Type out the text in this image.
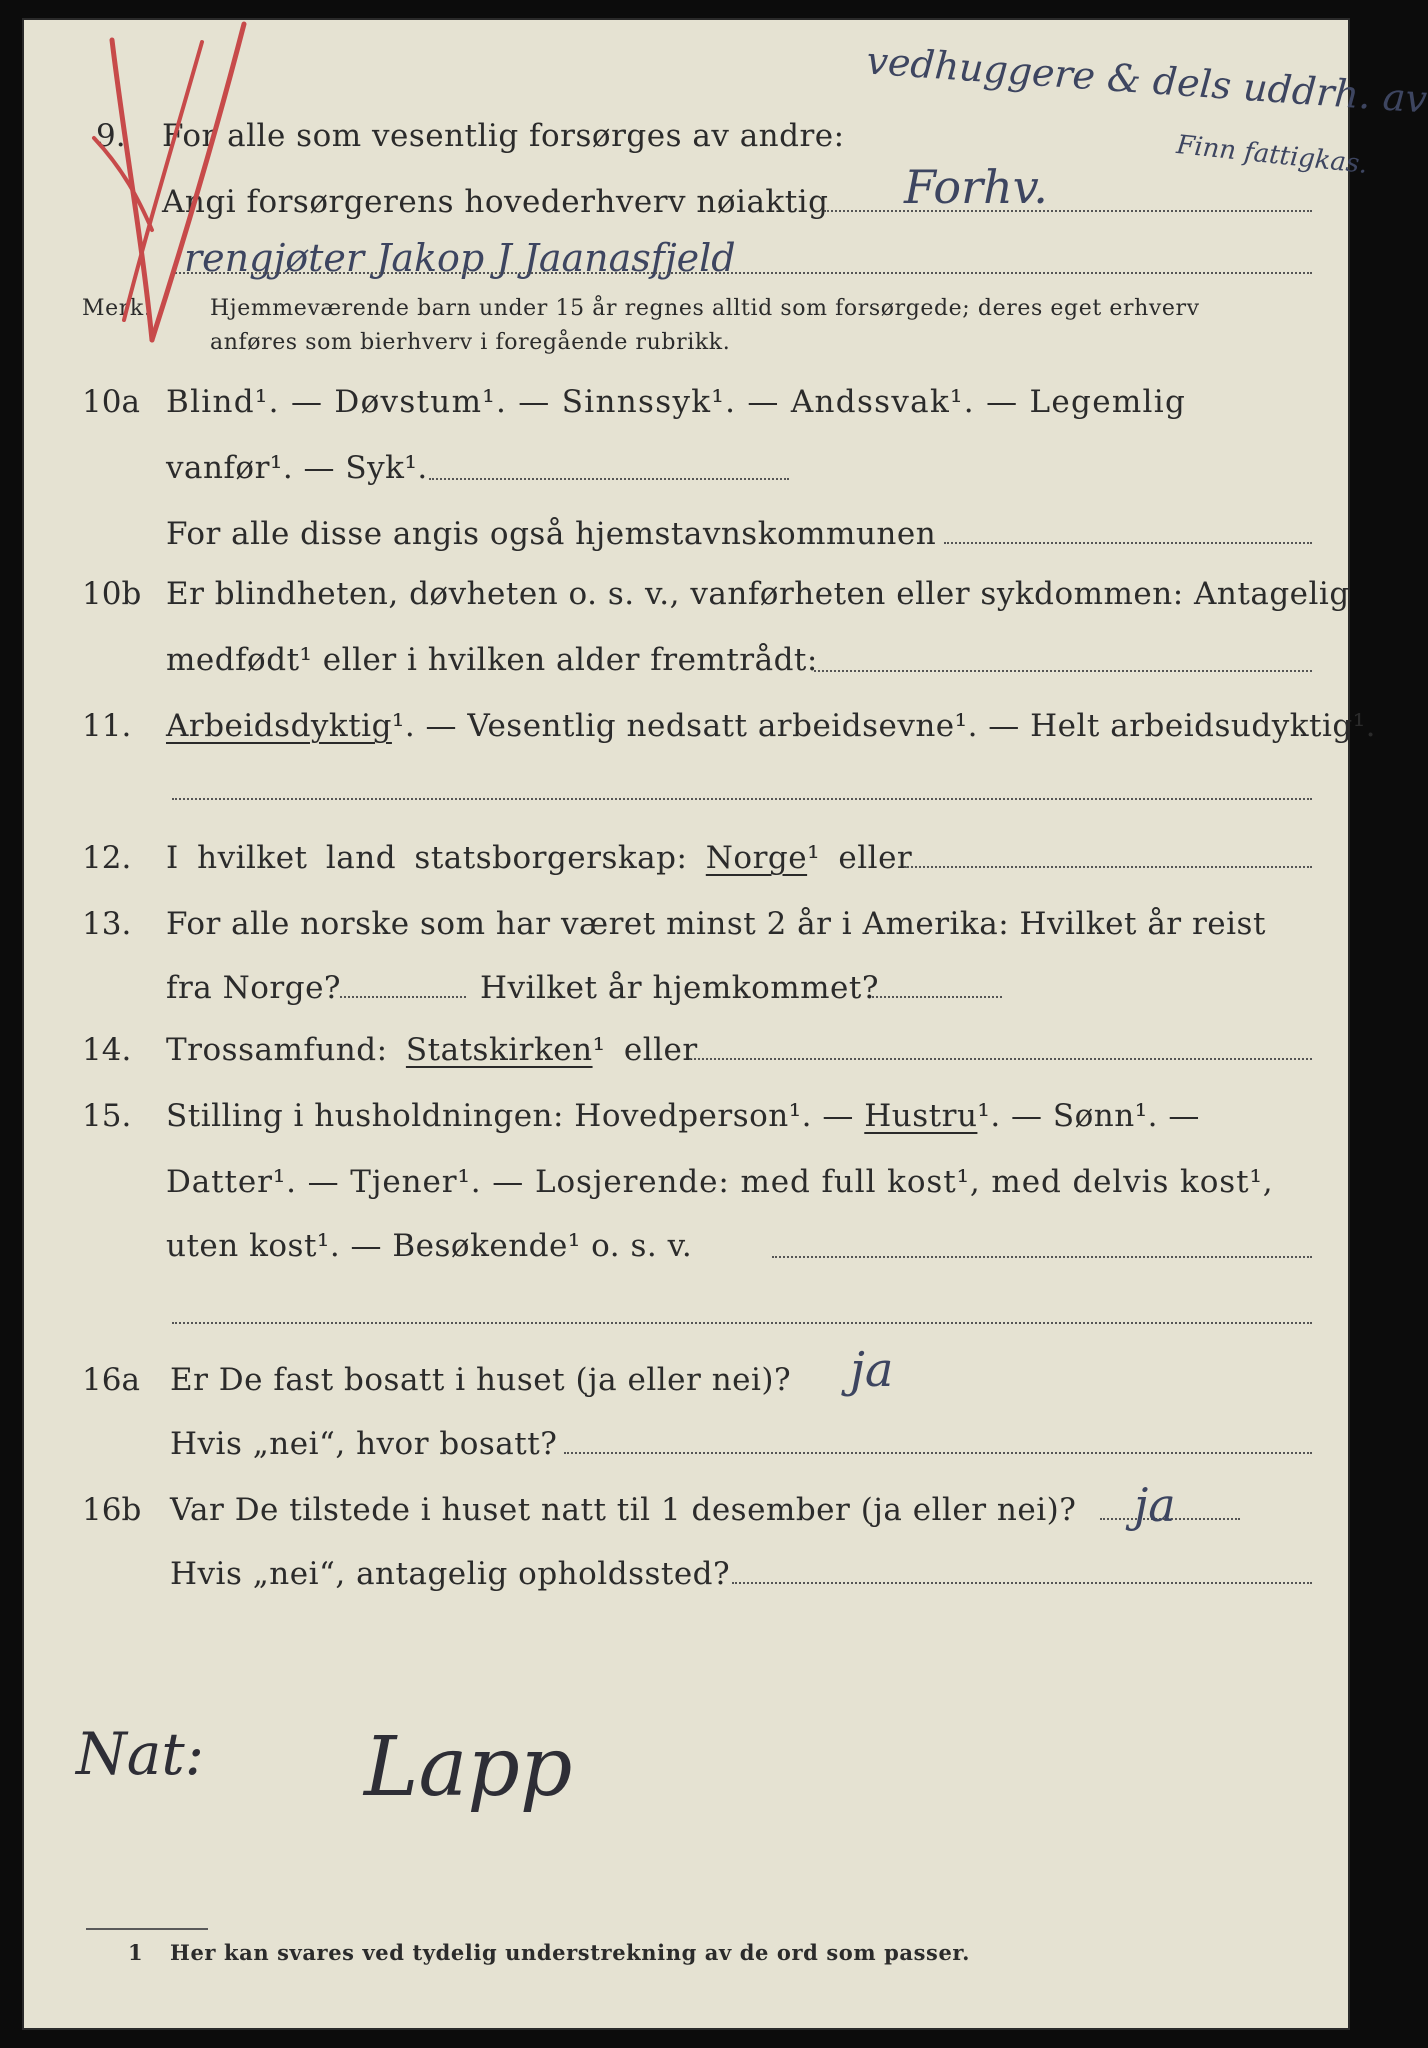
9. For alle som vesentlig forsørges av andre:
vedhuggere & dels uddrh. av
Finn fattigkas.
Angi forsørgerens hovederhverv nøiaktig Forhv.
rengjøter Jakop J Jaanasfjeld
Merk:	Hjemmeværende barn under 15 år regnes alltid som forsørgede; deres eget erhverv
anføres som bierhverv i foregående rubrikk.
10a Blind¹. — Døvstum¹. — Sinnssyk¹. — Andssvak¹. — Legemlig
vanfør¹. — Syk¹.
For alle disse angis også hjemstavnskommunen
10b Er blindheten, døvheten o. s. v., vanførheten eller sykdommen: Antagelig
medfødt¹ eller i hvilken alder fremtrådt:
11. Arbeidsdyktig¹. — Vesentlig nedsatt arbeidsevne¹. — Helt arbeidsudyktig¹.
12. I hvilket land statsborgerskap: Norge¹ eller
13. For alle norske som har været minst 2 år i Amerika: Hvilket år reist
fra Norge?	Hvilket år hjemkommet?
14. Trossamfund: Statskirken¹ eller
15. Stilling i husholdningen: Hovedperson¹. — Hustru¹. — Sønn¹. —
Datter¹. — Tjener¹. — Losjerende: med full kost¹, med delvis kost¹,
uten kost¹. — Besøkende¹ o. s. v.
16a Er De fast bosatt i huset (ja eller nei)? ja
Hvis „nei“, hvor bosatt?
16b Var De tilstede i huset natt til 1 desember (ja eller nei)? ja
Hvis „nei“, antagelig opholdssted?
Nat: Lapp
1 Her kan svares ved tydelig understrekning av de ord som passer.
